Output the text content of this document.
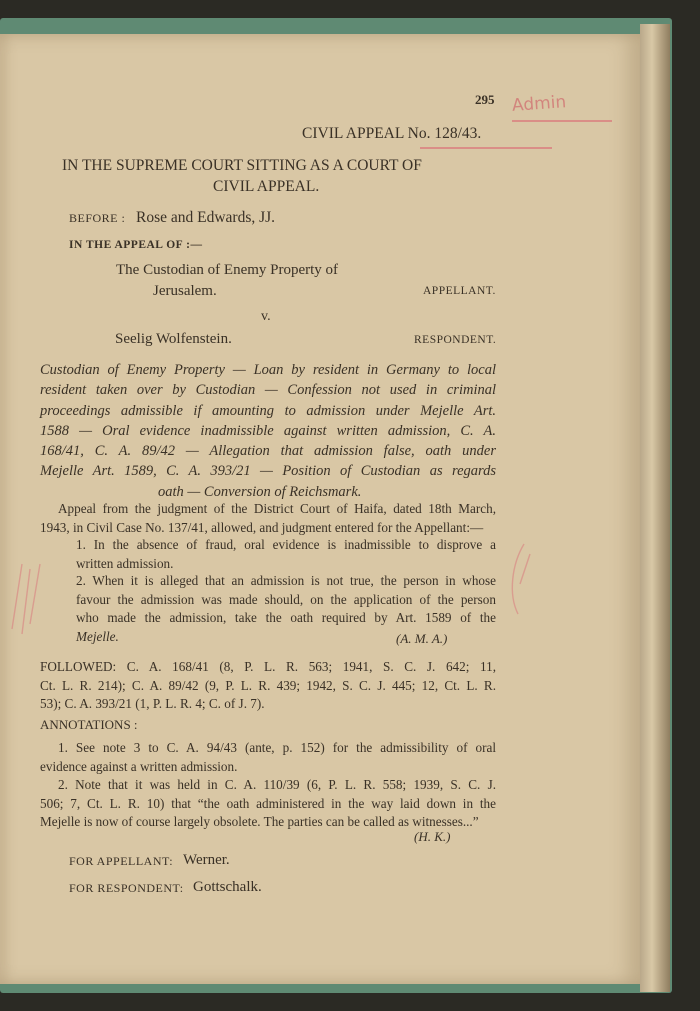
295 Admin
CIVIL APPEAL No. 128/43.
IN THE SUPREME COURT SITTING AS A COURT OF
CIVIL APPEAL.
BEFORE : Rose and Edwards, JJ.
IN THE APPEAL OF :—
The Custodian of Enemy Property of
Jerusalem.	APPELLANT.
v.
Seelig Wolfenstein.	RESPONDENT.
Custodian of Enemy Property — Loan by resident in Germany to local
resident taken over by Custodian — Confession not used in criminal
proceedings admissible if amounting to admission under Mejelle Art.
1588 — Oral evidence inadmissible against written admission, C. A.
168/41, C. A. 89/42 — Allegation that admission false, oath under
Mejelle Art. 1589, C. A. 393/21 — Position of Custodian as regards
oath — Conversion of Reichsmark.
Appeal from the judgment of the District Court of Haifa, dated 18th March,
1943, in Civil Case No. 137/41, allowed, and judgment entered for the Appellant:—
1. In the absence of fraud, oral evidence is inadmissible to disprove a
written admission.
2. When it is alleged that an admission is not true, the person in whose
favour the admission was made should, on the application of the person
who made the admission, take the oath required by Art. 1589 of the
Mejelle.	(A. M. A.)
FOLLOWED: C. A. 168/41 (8, P. L. R. 563; 1941, S. C. J. 642; 11,
Ct. L. R. 214); C. A. 89/42 (9, P. L. R. 439; 1942, S. C. J. 445; 12, Ct. L. R.
53); C. A. 393/21 (1, P. L. R. 4; C. of J. 7).
ANNOTATIONS :
1. See note 3 to C. A. 94/43 (ante, p. 152) for the admissibility of oral
evidence against a written admission.
2. Note that it was held in C. A. 110/39 (6, P. L. R. 558; 1939, S. C. J.
506; 7, Ct. L. R. 10) that “the oath administered in the way laid down in the
Mejelle is now of course largely obsolete. The parties can be called as witnesses...”
(H. K.)
FOR APPELLANT: Werner.
FOR RESPONDENT: Gottschalk.
